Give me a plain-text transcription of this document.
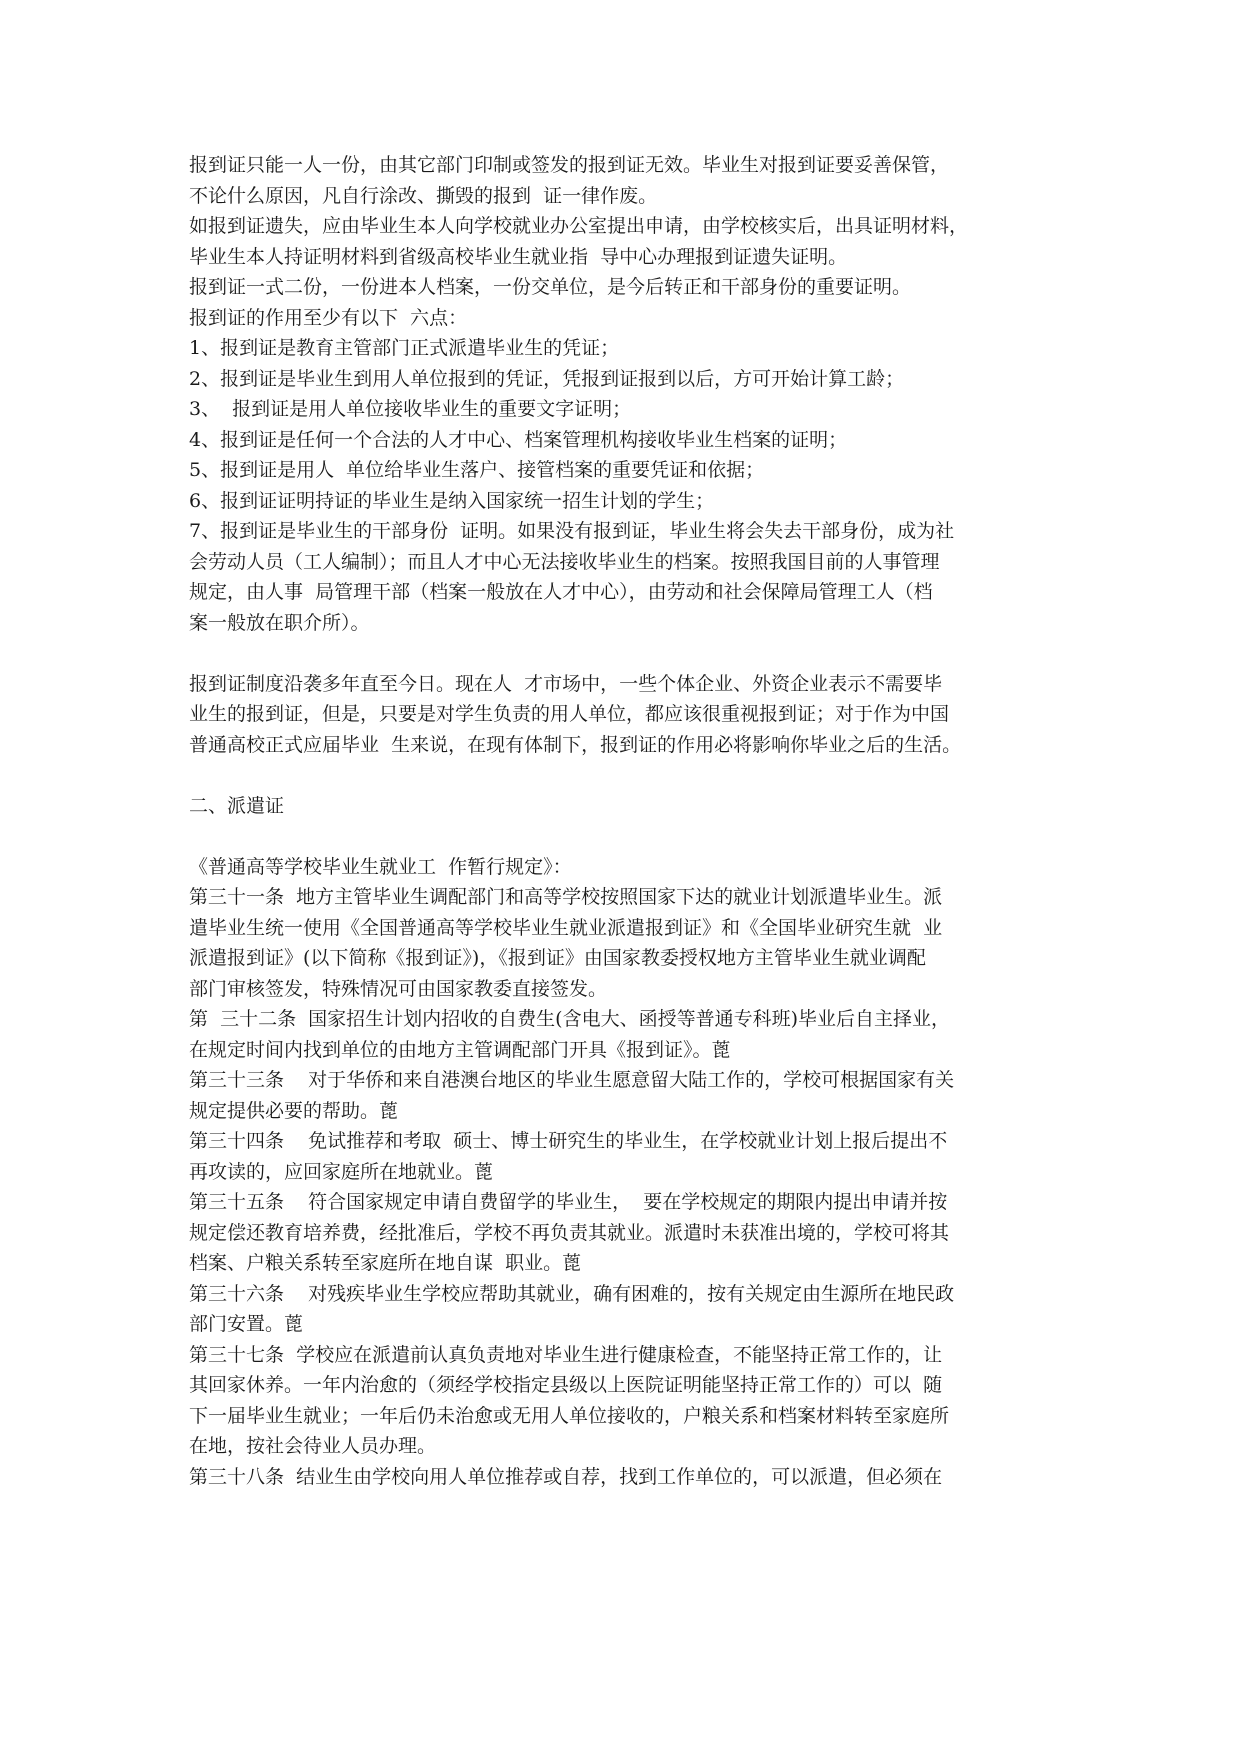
报到证只能一人一份，由其它部门印制或签发的报到证无效。毕业生对报到证要妥善保管，
不论什么原因，凡自行涂改、撕毁的报到  证一律作废。
如报到证遗失，应由毕业生本人向学校就业办公室提出申请，由学校核实后，出具证明材料，
毕业生本人持证明材料到省级高校毕业生就业指  导中心办理报到证遗失证明。
报到证一式二份，一份进本人档案，一份交单位，是今后转正和干部身份的重要证明。
报到证的作用至少有以下  六点：
1、报到证是教育主管部门正式派遣毕业生的凭证；
2、报到证是毕业生到用人单位报到的凭证，凭报到证报到以后，方可开始计算工龄；
3、  报到证是用人单位接收毕业生的重要文字证明；
4、报到证是任何一个合法的人才中心、档案管理机构接收毕业生档案的证明；
5、报到证是用人  单位给毕业生落户、接管档案的重要凭证和依据；
6、报到证证明持证的毕业生是纳入国家统一招生计划的学生；
7、报到证是毕业生的干部身份  证明。如果没有报到证，毕业生将会失去干部身份，成为社
会劳动人员（工人编制）；而且人才中心无法接收毕业生的档案。按照我国目前的人事管理
规定，由人事  局管理干部（档案一般放在人才中心），由劳动和社会保障局管理工人（档
案一般放在职介所）。
报到证制度沿袭多年直至今日。现在人  才市场中，一些个体企业、外资企业表示不需要毕
业生的报到证，但是，只要是对学生负责的用人单位，都应该很重视报到证；对于作为中国
普通高校正式应届毕业  生来说，在现有体制下，报到证的作用必将影响你毕业之后的生活。
二、派遣证
《普通高等学校毕业生就业工  作暂行规定》：
第三十一条  地方主管毕业生调配部门和高等学校按照国家下达的就业计划派遣毕业生。派
遣毕业生统一使用《全国普通高等学校毕业生就业派遣报到证》和《全国毕业研究生就  业
派遣报到证》(以下简称《报到证》)，《报到证》由国家教委授权地方主管毕业生就业调配
部门审核签发，特殊情况可由国家教委直接签发。
第  三十二条  国家招生计划内招收的自费生(含电大、函授等普通专科班)毕业后自主择业，
在规定时间内找到单位的由地方主管调配部门开具《报到证》。蓖
第三十三条    对于华侨和来自港澳台地区的毕业生愿意留大陆工作的，学校可根据国家有关
规定提供必要的帮助。蓖
第三十四条    免试推荐和考取  硕士、博士研究生的毕业生，在学校就业计划上报后提出不
再攻读的，应回家庭所在地就业。蓖
第三十五条    符合国家规定申请自费留学的毕业生，  要在学校规定的期限内提出申请并按
规定偿还教育培养费，经批准后，学校不再负责其就业。派遣时未获准出境的，学校可将其
档案、户粮关系转至家庭所在地自谋  职业。蓖
第三十六条    对残疾毕业生学校应帮助其就业，确有困难的，按有关规定由生源所在地民政
部门安置。蓖
第三十七条  学校应在派遣前认真负责地对毕业生进行健康检查，不能坚持正常工作的，让
其回家休养。一年内治愈的（须经学校指定县级以上医院证明能坚持正常工作的）可以  随
下一届毕业生就业；一年后仍未治愈或无用人单位接收的，户粮关系和档案材料转至家庭所
在地，按社会待业人员办理。
第三十八条  结业生由学校向用人单位推荐或自荐，找到工作单位的，可以派遣，但必须在
